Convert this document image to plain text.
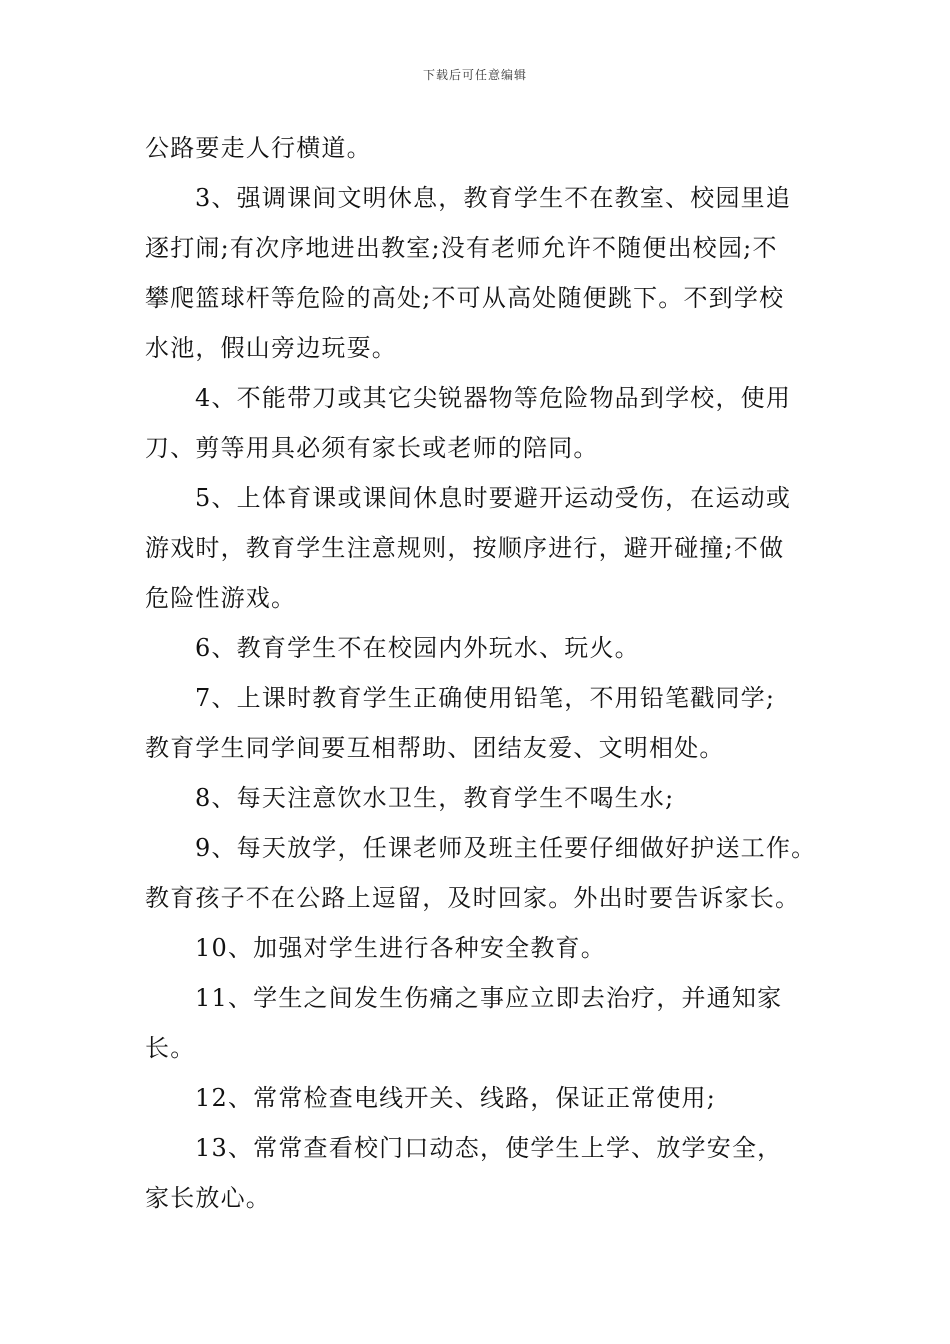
下载后可任意编辑
公路要走人行横道。
3、强调课间文明休息，教育学生不在教室、校园里追
逐打闹;有次序地进出教室;没有老师允许不随便出校园;不
攀爬篮球杆等危险的高处;不可从高处随便跳下。不到学校
水池，假山旁边玩耍。
4、不能带刀或其它尖锐器物等危险物品到学校，使用
刀、剪等用具必须有家长或老师的陪同。
5、上体育课或课间休息时要避开运动受伤，在运动或
游戏时，教育学生注意规则，按顺序进行，避开碰撞;不做
危险性游戏。
6、教育学生不在校园内外玩水、玩火。
7、上课时教育学生正确使用铅笔，不用铅笔戳同学;
教育学生同学间要互相帮助、团结友爱、文明相处。
8、每天注意饮水卫生，教育学生不喝生水;
9、每天放学，任课老师及班主任要仔细做好护送工作。
教育孩子不在公路上逗留，及时回家。外出时要告诉家长。
10、加强对学生进行各种安全教育。
11、学生之间发生伤痛之事应立即去治疗，并通知家
长。
12、常常检查电线开关、线路，保证正常使用;
13、常常查看校门口动态，使学生上学、放学安全，
家长放心。
